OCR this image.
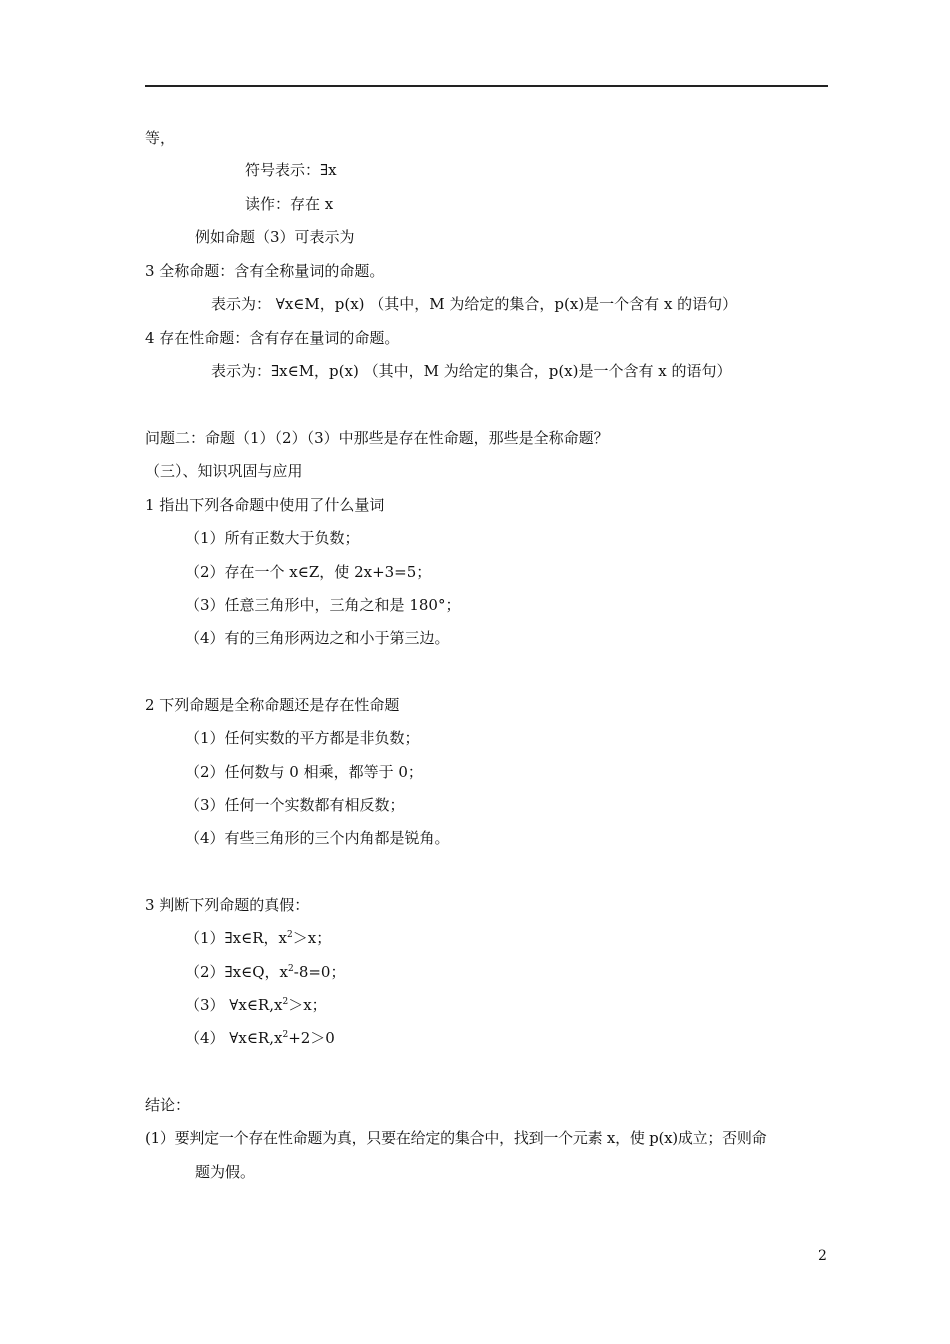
等，
符号表示：∃x
读作：存在 x
例如命题（3）可表示为
3 全称命题：含有全称量词的命题。
表示为： ∀x∈M，p(x) （其中，M 为给定的集合，p(x)是一个含有 x 的语句）
4 存在性命题：含有存在量词的命题。
表示为：∃x∈M，p(x) （其中，M 为给定的集合，p(x)是一个含有 x 的语句）
问题二：命题（1）（2）（3）中那些是存在性命题，那些是全称命题？
（三）、知识巩固与应用
1 指出下列各命题中使用了什么量词
（1）所有正数大于负数；
（2）存在一个 x∈Z，使 2x+3=5；
（3）任意三角形中，三角之和是 180°；
（4）有的三角形两边之和小于第三边。
2 下列命题是全称命题还是存在性命题
（1）任何实数的平方都是非负数；
（2）任何数与 0 相乘，都等于 0；
（3）任何一个实数都有相反数；
（4）有些三角形的三个内角都是锐角。
3 判断下列命题的真假：
（1）∃x∈R，$x^2>x$；
（2）∃x∈Q，$x^2-8=0$；
（3） $\forall x\in R,x^2>x$；
（4） $\forall x\in R,x^2+2>0$
结论：
(1）要判定一个存在性命题为真，只要在给定的集合中，找到一个元素 x，使 p(x)成立；否则命
题为假。
2
